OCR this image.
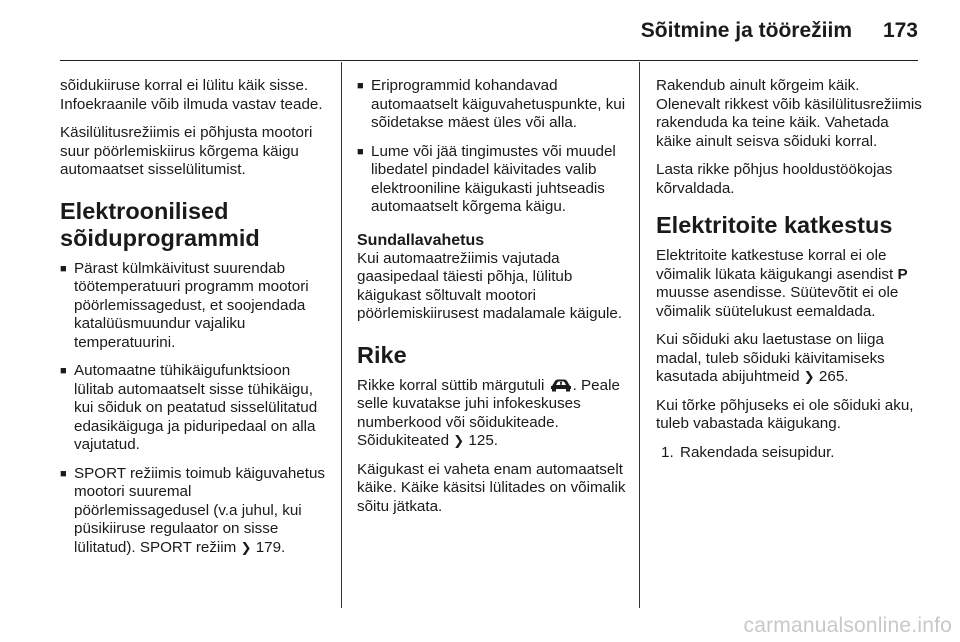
Sõitmine ja töörežiim 173

sõidukiiruse korral ei lülitu käik sisse. Infoekraanile võib ilmuda vastav teade.

Käsilülitusrežiimis ei põhjusta mootori suur pöörlemiskiirus kõrgema käigu automaatset sisselülitumist.

Elektroonilised sõiduprogrammid
■ Pärast külmkäivitust suurendab töötemperatuuri programm mootori pöörlemissagedust, et soojendada katalüüsmuundur vajaliku temperatuurini.
■ Automaatne tühikäigufunktsioon lülitab automaatselt sisse tühikäigu, kui sõiduk on peatatud sisselülitatud edasikäiguga ja piduripedaal on alla vajutatud.
■ SPORT režiimis toimub käiguvahetus mootori suuremal pöörlemissagedusel (v.a juhul, kui püsikiiruse regulaator on sisse lülitatud). SPORT režiim ❯ 179.
■ Eriprogrammid kohandavad automaatselt käiguvahetuspunkte, kui sõidetakse mäest üles või alla.
■ Lume või jää tingimustes või muudel libedatel pindadel käivitades valib elektrooniline käigukasti juhtseadis automaatselt kõrgema käigu.
Sundallavahetus

Kui automaatrežiimis vajutada gaasipedaal täiesti põhja, lülitub käigukast sõltuvalt mootori pöörlemiskiirusest madalamale käigule.

Rike

Rikke korral süttib märgutuli . Peale selle kuvatakse juhi infokeskuses numberkood või sõidukiteade. Sõidukiteated ❯ 125.

Käigukast ei vaheta enam automaatselt käike. Käike käsitsi lülitades on võimalik sõitu jätkata.

Rakendub ainult kõrgeim käik. Olenevalt rikkest võib käsilülitusrežiimis rakenduda ka teine käik. Vahetada käike ainult seisva sõiduki korral.

Lasta rikke põhjus hooldustöökojas kõrvaldada.

Elektritoite katkestus

Elektritoite katkestuse korral ei ole võimalik lükata käigukangi asendist P muusse asendisse. Süütevõtit ei ole võimalik süütelukust eemaldada.

Kui sõiduki aku laetustase on liiga madal, tuleb sõiduki käivitamiseks kasutada abijuhtmeid ❯ 265.

Kui tõrke põhjuseks ei ole sõiduki aku, tuleb vabastada käigukang.

1. Rakendada seisupidur.
carmanualsonline.info
